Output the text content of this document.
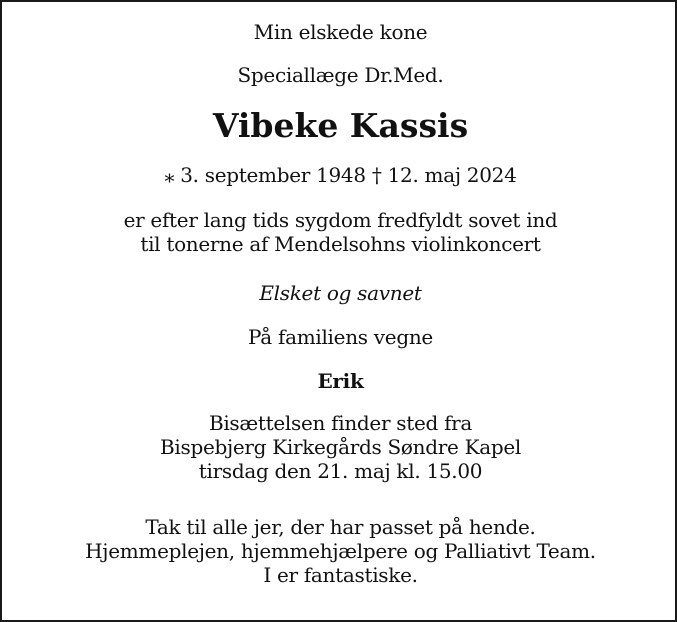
Min elskede kone
Speciallæge Dr.Med.
Vibeke Kassis
⁎ 3. september 1948 † 12. maj 2024
er efter lang tids sygdom fredfyldt sovet ind
til tonerne af Mendelsohns violinkoncert
Elsket og savnet
På familiens vegne
Erik
Bisættelsen finder sted fra
Bispebjerg Kirkegårds Søndre Kapel
tirsdag den 21. maj kl. 15.00
Tak til alle jer, der har passet på hende.
Hjemmeplejen, hjemmehjælpere og Palliativt Team.
I er fantastiske.
